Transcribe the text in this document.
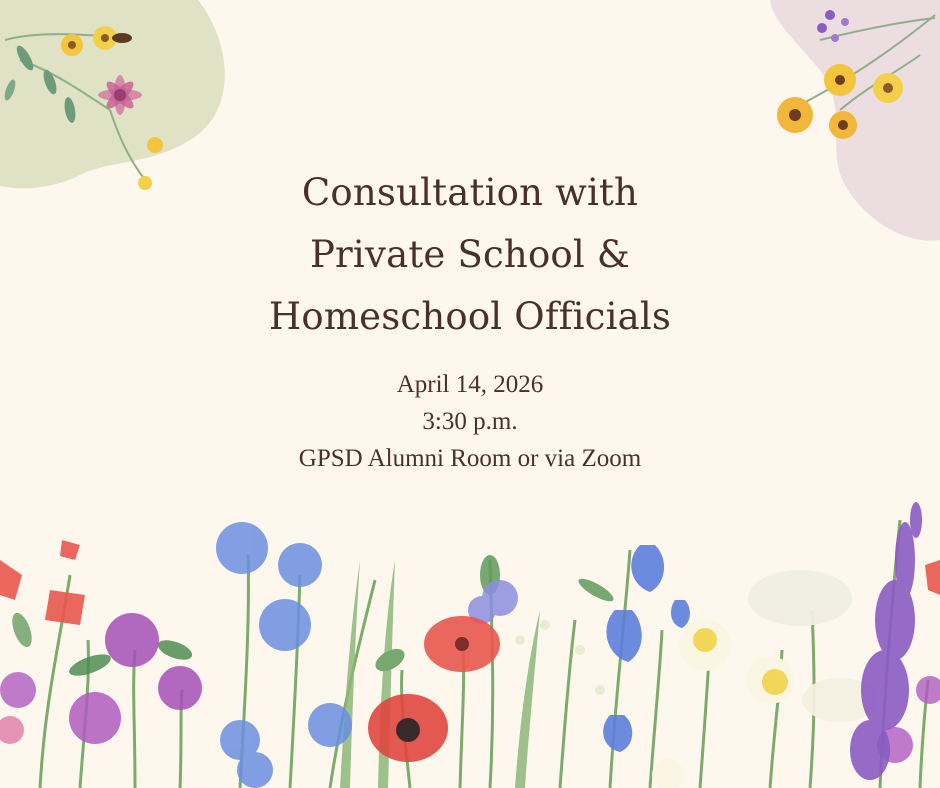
Consultation with
Private School &
Homeschool Officials
April 14, 2026
3:30 p.m.
GPSD Alumni Room or via Zoom
